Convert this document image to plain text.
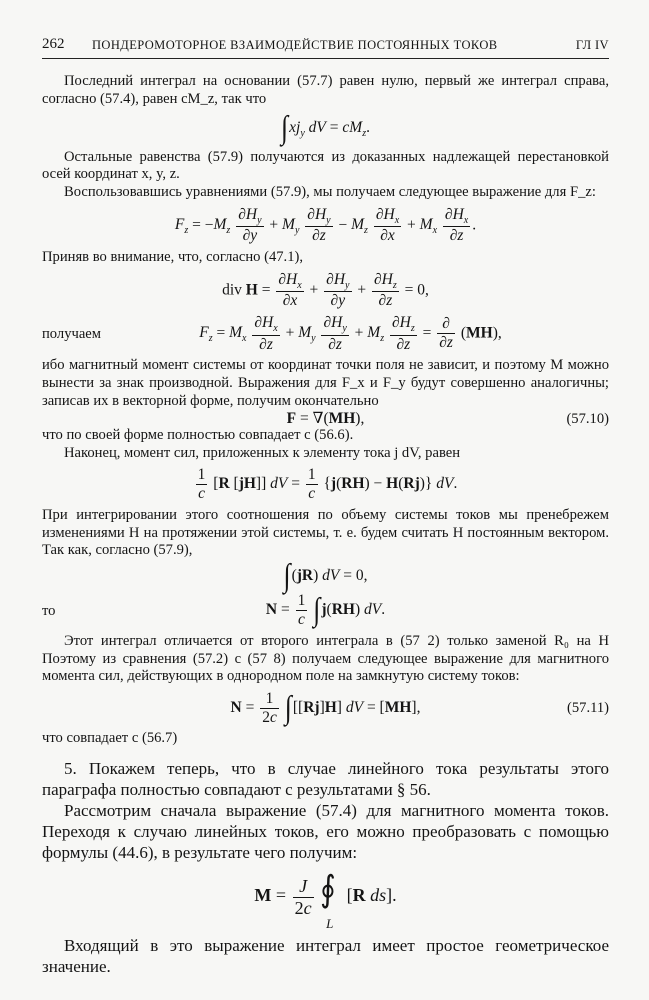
262 ПОНДЕРОМОТОРНОЕ ВЗАИМОДЕЙСТВИЕ ПОСТОЯННЫХ ТОКОВ	ГЛ IV

Последний интеграл на основании (57.7) равен нулю, первый же интеграл справа, согласно (57.4), равен cM_z, так что

$\int xj_y$ dV = $cM_z$.

Остальные равенства (57.9) получаются из доказанных надлежащей перестановкой осей координат x, y, z.

Воспользовавшись уравнениями (57.9), мы получаем следующее выражение для F_z:

$F_z = -M_z \frac{\partial H_y}{\partial y} + M_y \frac{\partial H_y}{\partial z} - M_z \frac{\partial H_x}{\partial x} + M_x \frac{\partial H_x}{\partial z}$ .

Приняв во внимание, что, согласно (47.1),

div $H = \frac{\partial H_x}{\partial x} + \frac{\partial H_y}{\partial y} + \frac{\partial H_z}{\partial z} = 0$,
получаем	$F_z = M_x \frac{\partial H_x}{\partial z} + M_y \frac{\partial H_y}{\partial z} + M_z \frac{\partial H_z}{\partial z} = \frac{\partial}{\partial z} (MH)$,

ибо магнитный момент системы от координат точки поля не зависит, и поэтому M можно вынести за знак производной. Выражения для F_x и F_y будут совершенно аналогичны; записав их в векторной форме, получим окончательно

F = ∇(MH),	(57.10)

что по своей форме полностью совпадает с (56.6).

Наконец, момент сил, приложенных к элементу тока j dV, равен

$\frac{1}{c} [R$ [jH]] dV = $\frac{1}{c} \{j(RH) - H(Rj)\}$ dV.

При интегрировании этого соотношения по объему системы токов мы пренебрежем изменениями H на протяжении этой системы, т. е. будем считать H постоянным вектором. Так как, согласно (57.9),

∫(jR) dV = 0,
то	$N = \frac{1}{c} \int j(RH)$ dV.

Этот интеграл отличается от второго интеграла в (57 2) только заменой R₀ на H Поэтому из сравнения (57.2) с (57 8) получаем следующее выражение для магнитного момента сил, действующих в однородном поле на замкнутую систему токов:

$N = \frac{1}{2c} \int[[Rj]H]$ dV = [MH],	(57.11)

что совпадает с (56.7)

5. Покажем теперь, что в случае линейного тока результаты этого параграфа полностью совпадают с результатами § 56.

Рассмотрим сначала выражение (57.4) для магнитного момента токов. Переходя к случаю линейных токов, его можно преобразовать с помощью формулы (44.6), в результате чего получим:

$M = \frac{J}{2c}$
∮
L
[R ds].

Входящий в это выражение интеграл имеет простое геометрическое значение.
